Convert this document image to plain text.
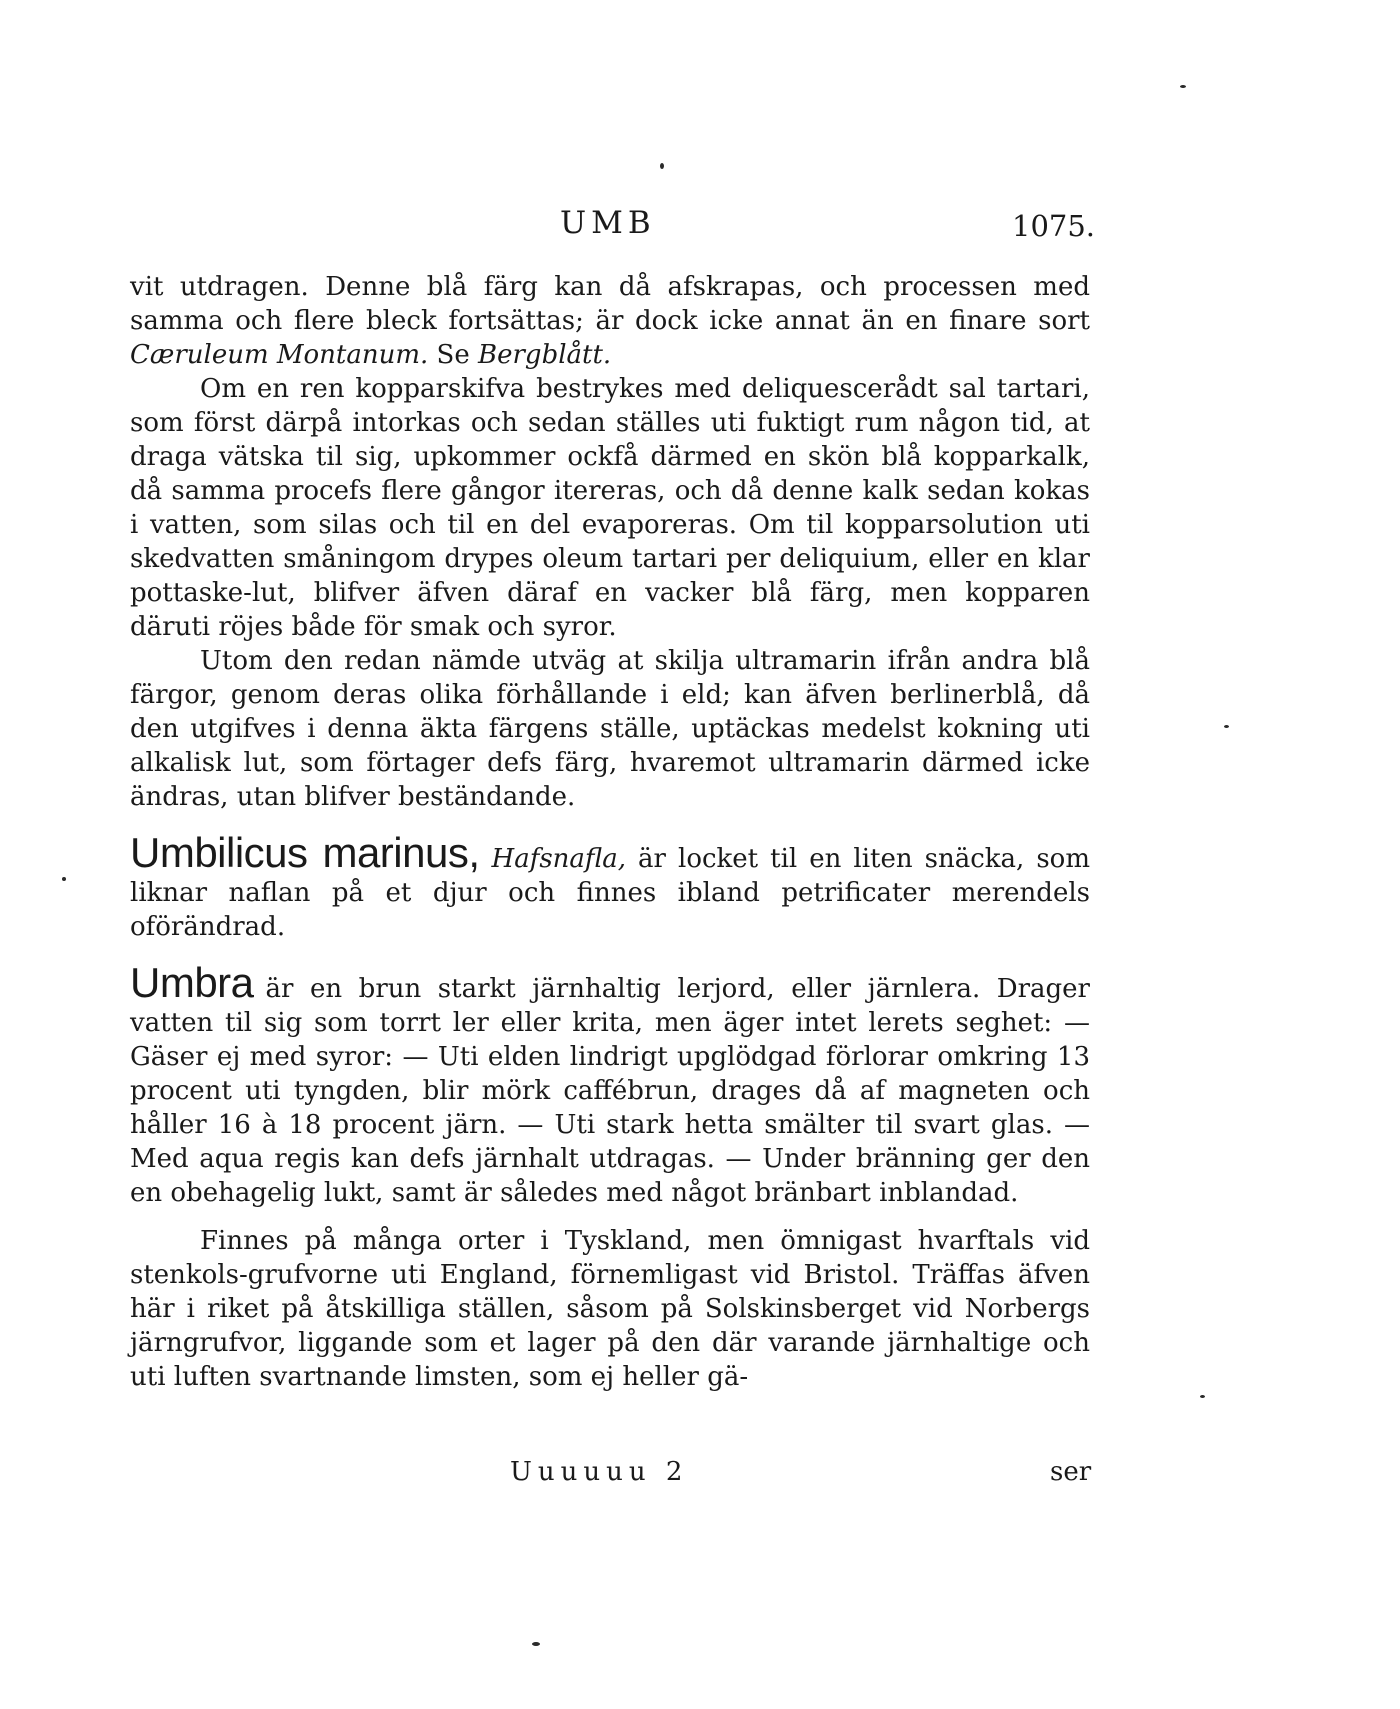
UMB	1075.

vit utdragen. Denne blå färg kan då afskrapas, och processen med samma och flere bleck fortsättas; är dock icke annat än en finare sort Cæruleum Montanum. Se Bergblått.

Om en ren kopparskifva bestrykes med deliquescerådt sal tartari, som först därpå intorkas och sedan ställes uti fuktigt rum någon tid, at draga vätska til sig, upkommer ockfå därmed en skön blå kopparkalk, då samma procefs flere gångor itereras, och då denne kalk sedan kokas i vatten, som silas och til en del evaporeras. Om til kopparsolution uti skedvatten småningom drypes oleum tartari per deliquium, eller en klar pottaske-lut, blifver äfven däraf en vacker blå färg, men kopparen däruti röjes både för smak och syror.

Utom den redan nämde utväg at skilja ultramarin ifrån andra blå färgor, genom deras olika förhållande i eld; kan äfven berlinerblå, då den utgifves i denna äkta färgens ställe, uptäckas medelst kokning uti alkalisk lut, som förtager defs färg, hvaremot ultramarin därmed icke ändras, utan blifver beständande.

Umbilicus marinus, Hafsnafla, är locket til en liten snäcka, som liknar naflan på et djur och finnes ibland petrificater merendels oförändrad.

Umbra är en brun starkt järnhaltig lerjord, eller järnlera. Drager vatten til sig som torrt ler eller krita, men äger intet lerets seghet: — Gäser ej med syror: — Uti elden lindrigt upglödgad förlorar omkring 13 procent uti tyngden, blir mörk caffébrun, drages då af magneten och håller 16 à 18 procent järn. — Uti stark hetta smälter til svart glas. — Med aqua regis kan defs järnhalt utdragas. — Under bränning ger den en obehagelig lukt, samt är således med något bränbart inblandad.

Finnes på många orter i Tyskland, men ömnigast hvarftals vid stenkols-grufvorne uti England, förnemligast vid Bristol. Träffas äfven här i riket på åtskilliga ställen, såsom på Solskinsberget vid Norbergs järngrufvor, liggande som et lager på den där varande järnhaltige och uti luften svartnande limsten, som ej heller gä-

Uuuuuu 2	ser
